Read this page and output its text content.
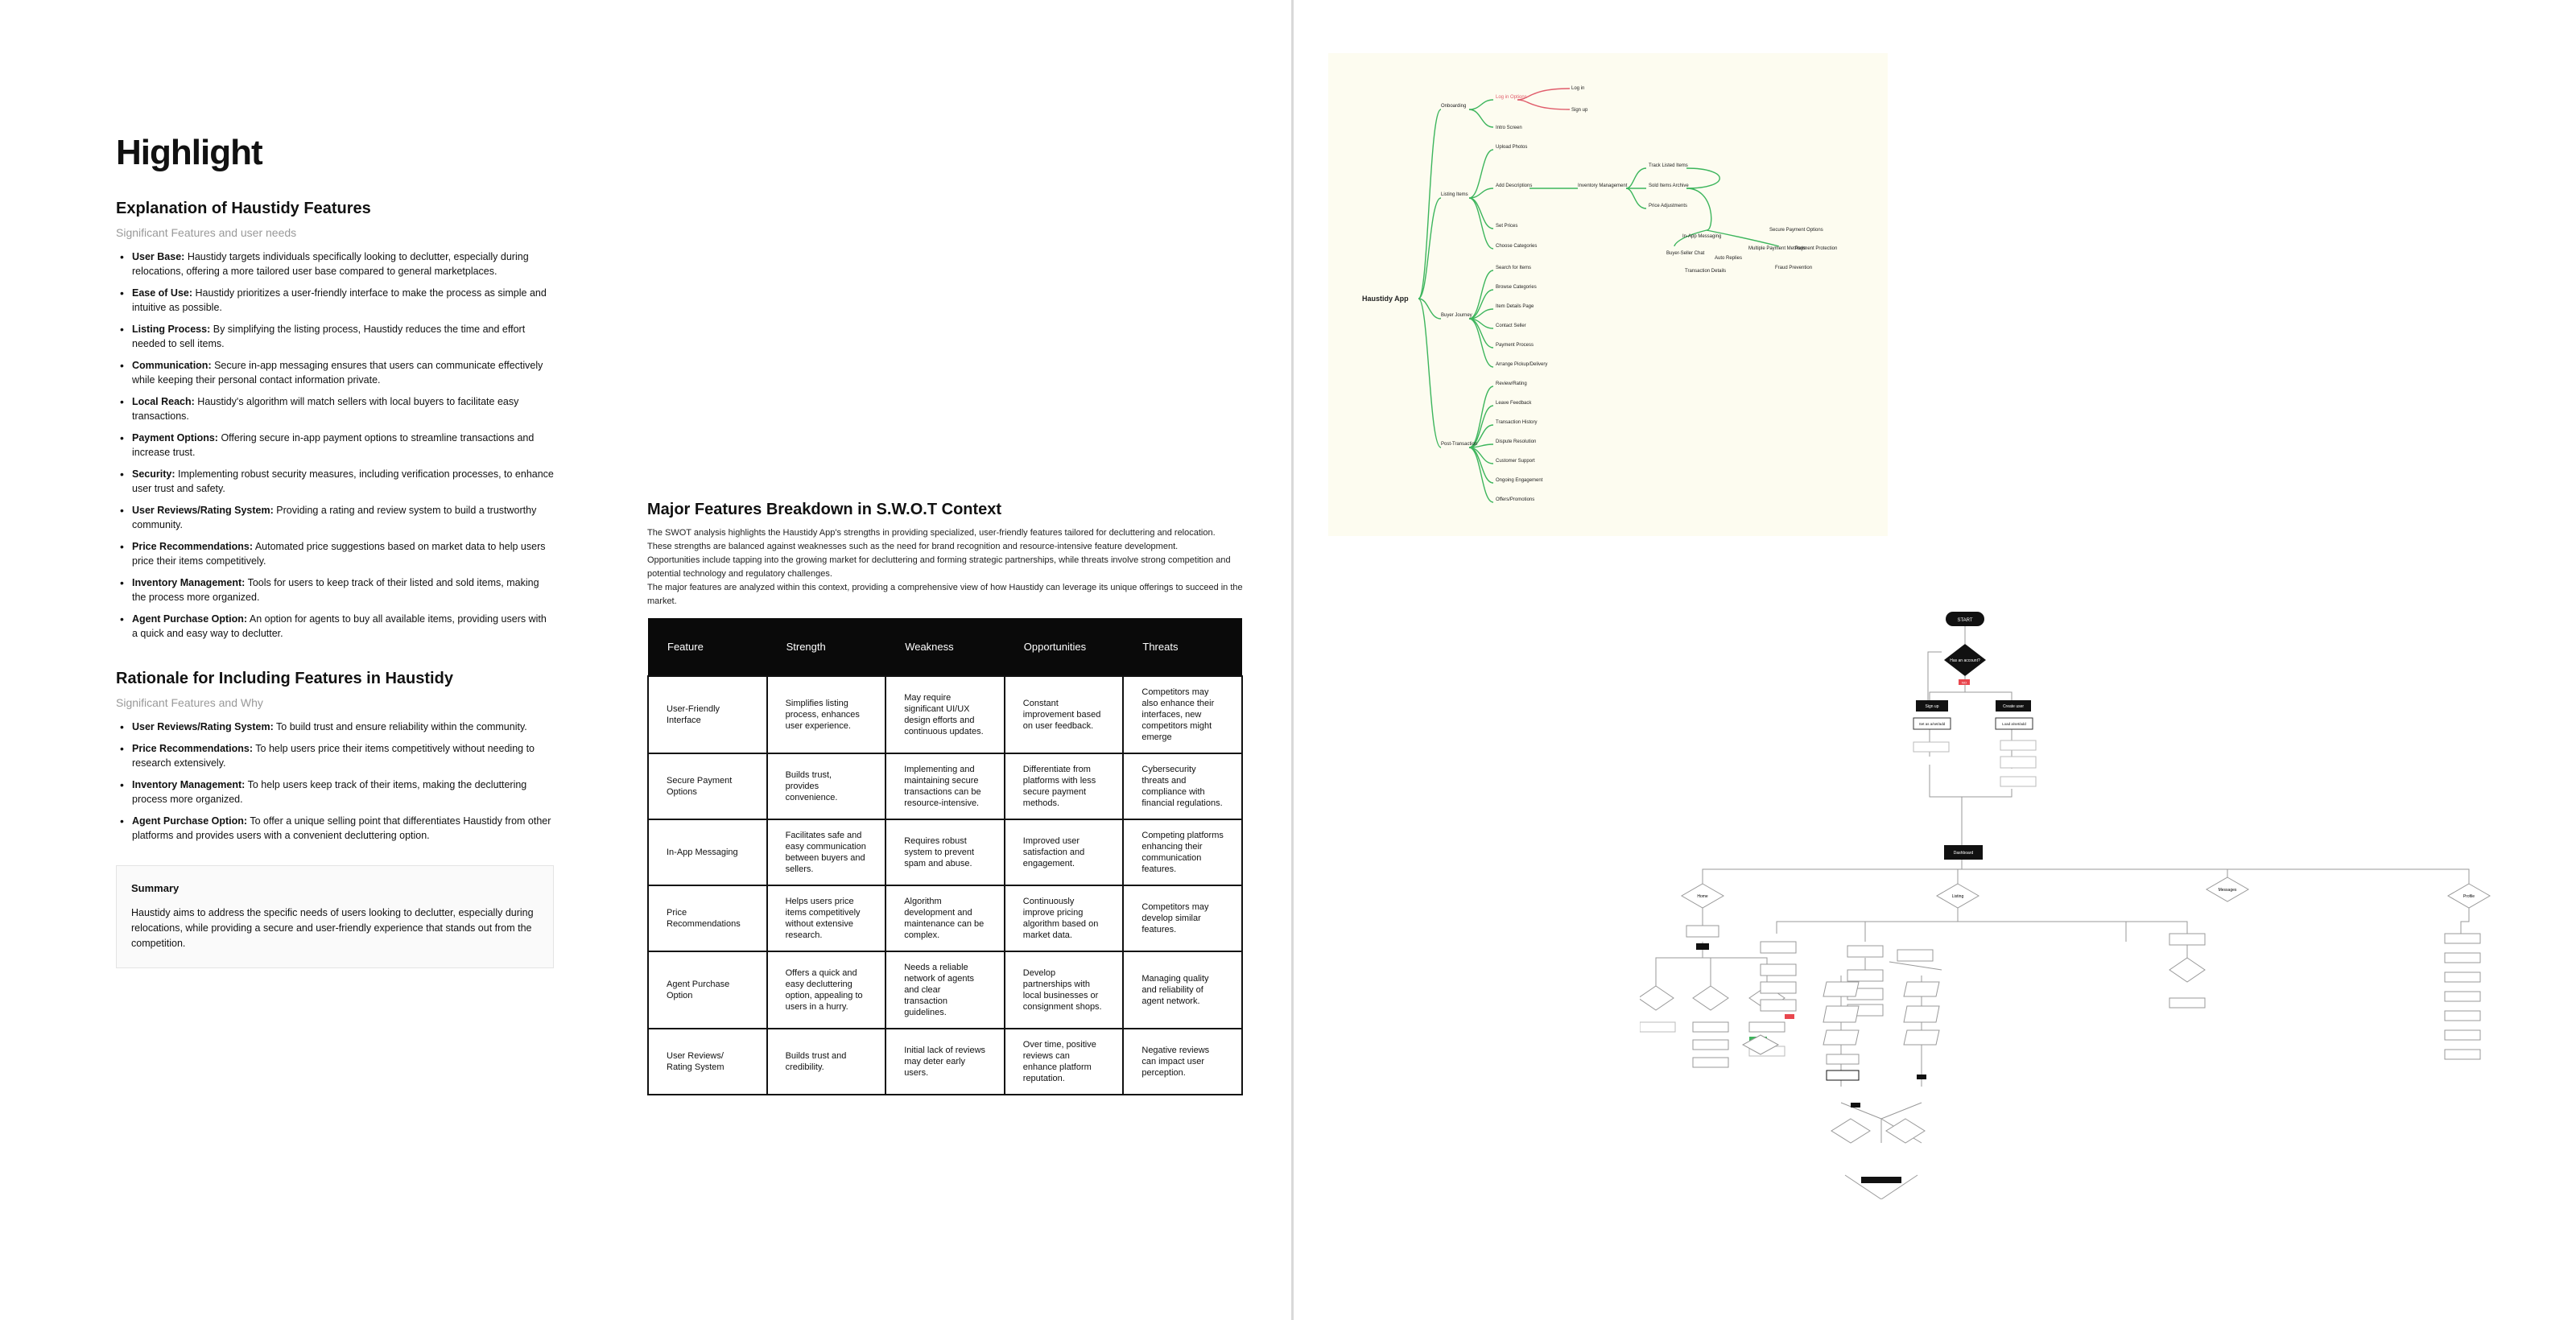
Highlight
Explanation of Haustidy Features
Significant Features and user needs
• User Base: Haustidy targets individuals specifically looking to declutter, especially during relocations, offering a more tailored user base compared to general marketplaces.
• Ease of Use: Haustidy prioritizes a user-friendly interface to make the process as simple and intuitive as possible.
• Listing Process: By simplifying the listing process, Haustidy reduces the time and effort needed to sell items.
• Communication: Secure in-app messaging ensures that users can communicate effectively while keeping their personal contact information private.
• Local Reach: Haustidy's algorithm will match sellers with local buyers to facilitate easy transactions.
• Payment Options: Offering secure in-app payment options to streamline transactions and increase trust.
• Security: Implementing robust security measures, including verification processes, to enhance user trust and safety.
• User Reviews/Rating System: Providing a rating and review system to build a trustworthy community.
• Price Recommendations: Automated price suggestions based on market data to help users price their items competitively.
• Inventory Management: Tools for users to keep track of their listed and sold items, making the process more organized.
• Agent Purchase Option: An option for agents to buy all available items, providing users with a quick and easy way to declutter.
Rationale for Including Features in Haustidy
Significant Features and Why
• User Reviews/Rating System: To build trust and ensure reliability within the community.
• Price Recommendations: To help users price their items competitively without needing to research extensively.
• Inventory Management: To help users keep track of their items, making the decluttering process more organized.
• Agent Purchase Option: To offer a unique selling point that differentiates Haustidy from other platforms and provides users with a convenient decluttering option.
Summary
Haustidy aims to address the specific needs of users looking to declutter, especially during relocations, while providing a secure and user-friendly experience that stands out from the competition.
Major Features Breakdown in S.W.O.T Context
The SWOT analysis highlights the Haustidy App's strengths in providing specialized, user-friendly features tailored for decluttering and relocation.
These strengths are balanced against weaknesses such as the need for brand recognition and resource-intensive feature development.
Opportunities include tapping into the growing market for decluttering and forming strategic partnerships, while threats involve strong competition and potential technology and regulatory challenges.
The major features are analyzed within this context, providing a comprehensive view of how Haustidy can leverage its unique offerings to succeed in the market.
Feature	Strength	Weakness	Opportunities	Threats
User-Friendly Interface	Simplifies listing process, enhances user experience.	May require significant UI/UX design efforts and continuous updates.	Constant improvement based on user feedback.	Competitors may also enhance their interfaces, new competitors might emerge
Secure Payment Options	Builds trust, provides convenience.	Implementing and maintaining secure transactions can be resource-intensive.	Differentiate from platforms with less secure payment methods.	Cybersecurity threats and compliance with financial regulations.
In-App Messaging	Facilitates safe and easy communication between buyers and sellers.	Requires robust system to prevent spam and abuse.	Improved user satisfaction and engagement.	Competing platforms enhancing their communication features.
Price Recommendations	Helps users price items competitively without extensive research.	Algorithm development and maintenance can be complex.	Continuously improve pricing algorithm based on market data.	Competitors may develop similar features.
Agent Purchase Option	Offers a quick and easy decluttering option, appealing to users in a hurry.	Needs a reliable network of agents and clear transaction guidelines.	Develop partnerships with local businesses or consignment shops.	Managing quality and reliability of agent network.
User Reviews/ Rating System	Builds trust and credibility.	Initial lack of reviews may deter early users.	Over time, positive reviews can enhance platform reputation.	Negative reviews can impact user perception.
Haustidy App
Onboarding
Listing Items
Buyer Journey
Post-Transaction
Log in Options
Intro Screen
Log in
Sign up
Upload Photos
Add Descriptions
Set Prices
Choose Categories
Inventory Management
Track Listed Items
Sold Items Archive
Price Adjustments
In-App Messaging
Buyer-Seller Chat
Transaction Details
Auto Replies
Secure Payment Options
Multiple Payment Methods
Payment Protection
Fraud Prevention
Search for Items
Browse Categories
Item Details Page
Contact Seller
Payment Process
Arrange Pickup/Delivery
Review/Rating
Leave Feedback
Transaction History
Dispute Resolution
Customer Support
Ongoing Engagement
Offers/Promotions
START
Has an account?
NO
Sign up	Create user
Set as a/set/add	Load a/set/add
Dashboard
Home	Listing
Messages
Profile
